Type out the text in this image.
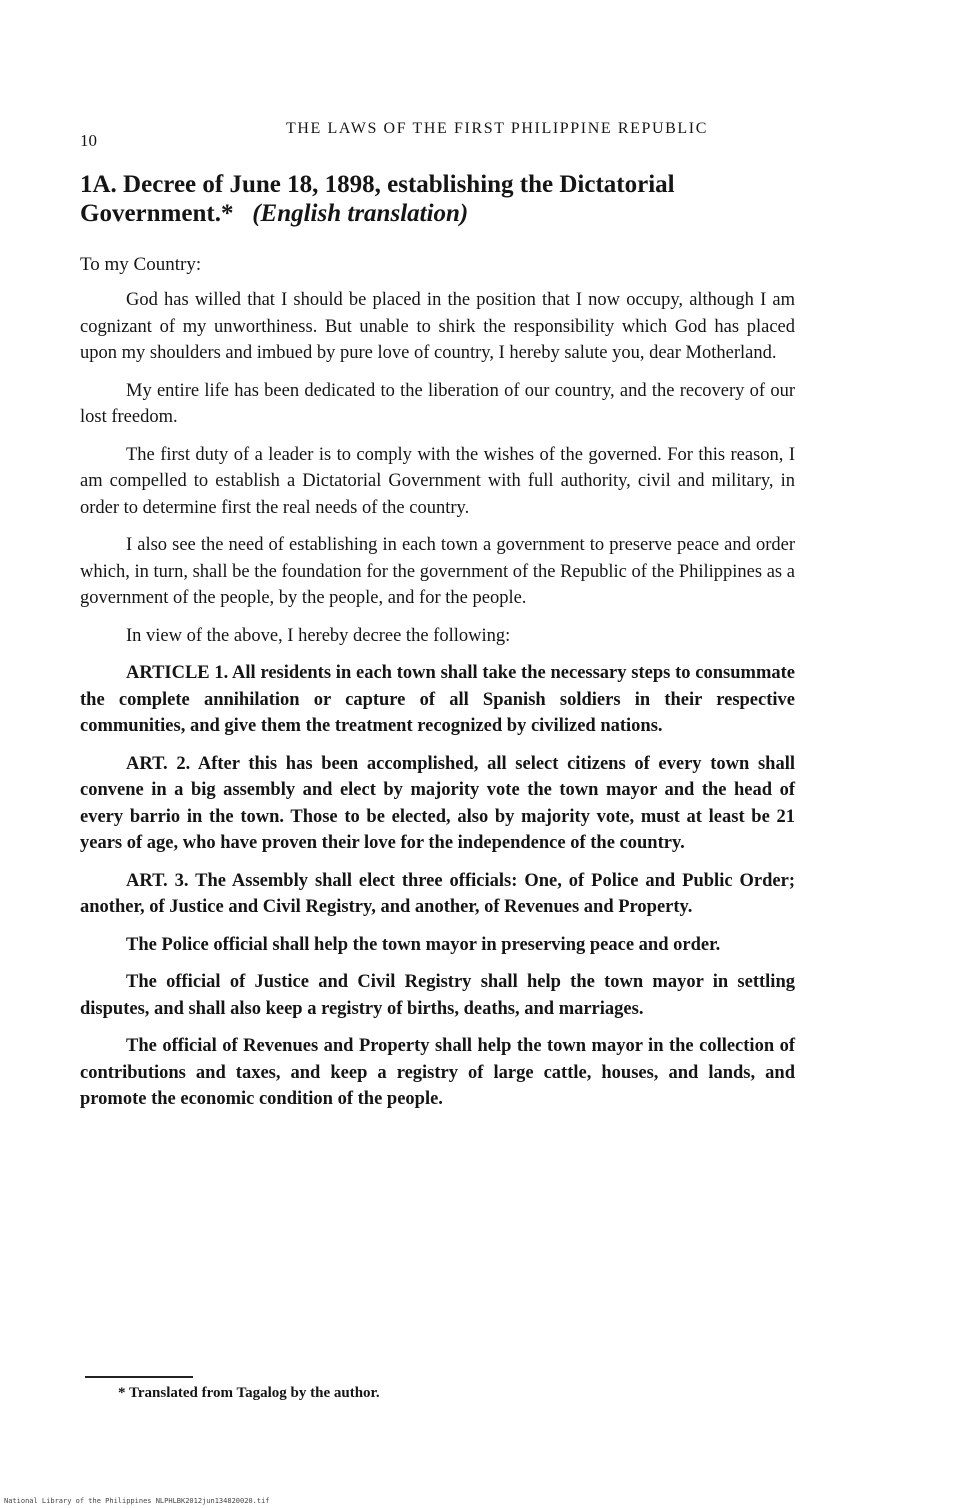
10
THE LAWS OF THE FIRST PHILIPPINE REPUBLIC
1A. Decree of June 18, 1898, establishing the Dictatorial Government.* (English translation)
To my Country:

God has willed that I should be placed in the position that I now occupy, although I am cognizant of my unworthiness. But unable to shirk the responsibility which God has placed upon my shoulders and imbued by pure love of country, I hereby salute you, dear Motherland.

My entire life has been dedicated to the liberation of our country, and the recovery of our lost freedom.

The first duty of a leader is to comply with the wishes of the governed. For this reason, I am compelled to establish a Dictatorial Government with full authority, civil and military, in order to determine first the real needs of the country.

I also see the need of establishing in each town a government to preserve peace and order which, in turn, shall be the foundation for the government of the Republic of the Philippines as a government of the people, by the people, and for the people.

In view of the above, I hereby decree the following:

ARTICLE 1. All residents in each town shall take the necessary steps to consummate the complete annihilation or capture of all Spanish soldiers in their respective communities, and give them the treatment recognized by civilized nations.

ART. 2. After this has been accomplished, all select citizens of every town shall convene in a big assembly and elect by majority vote the town mayor and the head of every barrio in the town. Those to be elected, also by majority vote, must at least be 21 years of age, who have proven their love for the independence of the country.

ART. 3. The Assembly shall elect three officials: One, of Police and Public Order; another, of Justice and Civil Registry, and another, of Revenues and Property.

The Police official shall help the town mayor in preserving peace and order.

The official of Justice and Civil Registry shall help the town mayor in settling disputes, and shall also keep a registry of births, deaths, and marriages.

The official of Revenues and Property shall help the town mayor in the collection of contributions and taxes, and keep a registry of large cattle, houses, and lands, and promote the economic condition of the people.

* Translated from Tagalog by the author.
National Library of the Philippines NLPHLBK2012jun134820020.tif
